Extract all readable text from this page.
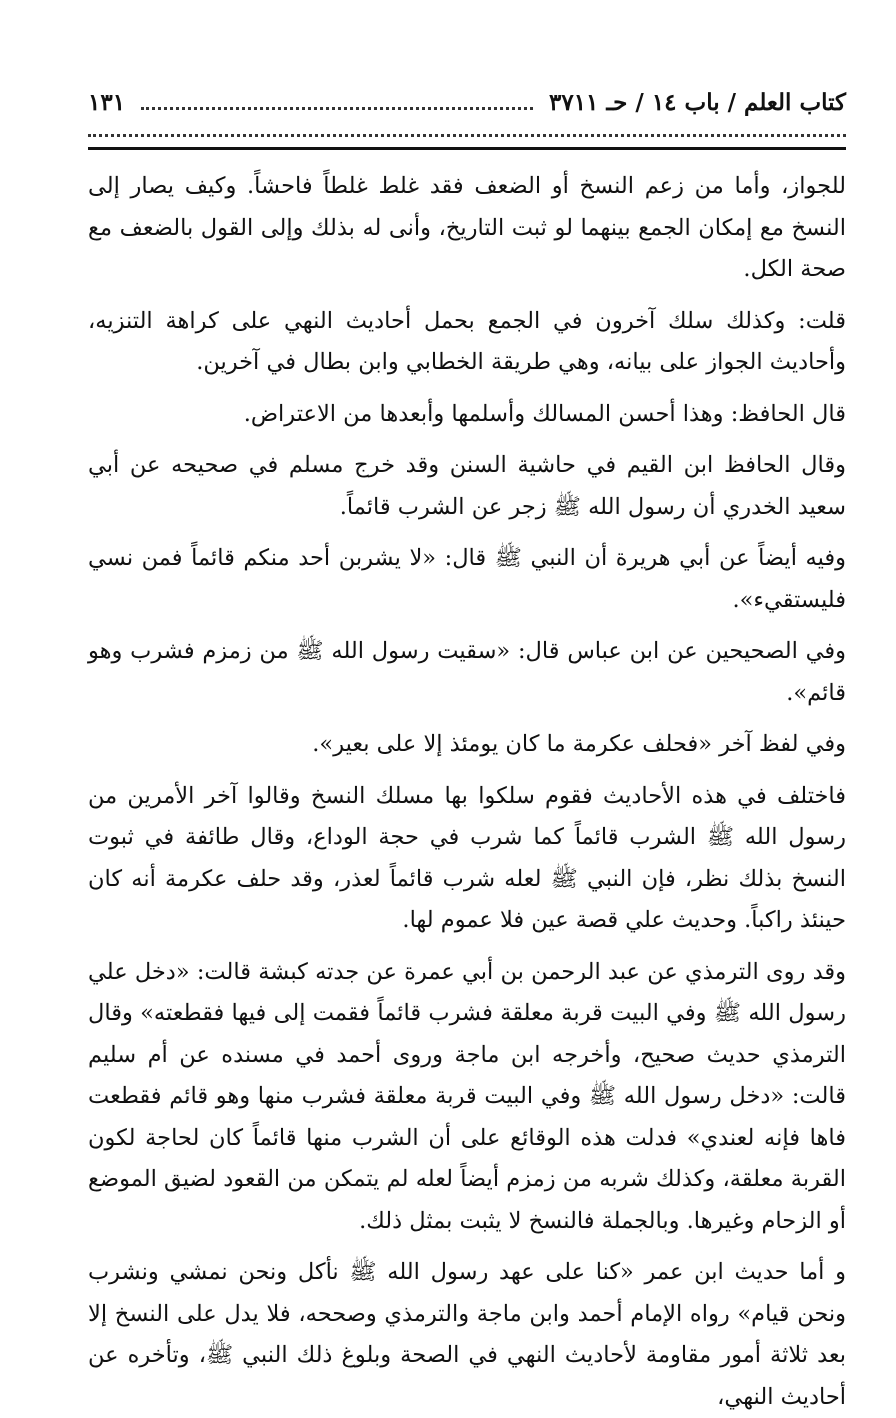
كتاب العلم / باب ١٤ / حـ ٣٧١١
١٣١

للجواز، وأما من زعم النسخ أو الضعف فقد غلط غلطاً فاحشاً. وكيف يصار إلى النسخ مع إمكان الجمع بينهما لو ثبت التاريخ، وأنى له بذلك وإلى القول بالضعف مع صحة الكل.

قلت: وكذلك سلك آخرون في الجمع بحمل أحاديث النهي على كراهة التنزيه، وأحاديث الجواز على بيانه، وهي طريقة الخطابي وابن بطال في آخرين.

قال الحافظ: وهذا أحسن المسالك وأسلمها وأبعدها من الاعتراض.

وقال الحافظ ابن القيم في حاشية السنن وقد خرج مسلم في صحيحه عن أبي سعيد الخدري أن رسول الله ﷺ زجر عن الشرب قائماً.

وفيه أيضاً عن أبي هريرة أن النبي ﷺ قال: «لا يشربن أحد منكم قائماً فمن نسي فليستقيء».

وفي الصحيحين عن ابن عباس قال: «سقيت رسول الله ﷺ من زمزم فشرب وهو قائم».

وفي لفظ آخر «فحلف عكرمة ما كان يومئذ إلا على بعير».

فاختلف في هذه الأحاديث فقوم سلكوا بها مسلك النسخ وقالوا آخر الأمرين من رسول الله ﷺ الشرب قائماً كما شرب في حجة الوداع، وقال طائفة في ثبوت النسخ بذلك نظر، فإن النبي ﷺ لعله شرب قائماً لعذر، وقد حلف عكرمة أنه كان حينئذ راكباً. وحديث علي قصة عين فلا عموم لها.

وقد روى الترمذي عن عبد الرحمن بن أبي عمرة عن جدته كبشة قالت: «دخل علي رسول الله ﷺ وفي البيت قربة معلقة فشرب قائماً فقمت إلى فيها فقطعته» وقال الترمذي حديث صحيح، وأخرجه ابن ماجة وروى أحمد في مسنده عن أم سليم قالت: «دخل رسول الله ﷺ وفي البيت قربة معلقة فشرب منها وهو قائم فقطعت فاها فإنه لعندي» فدلت هذه الوقائع على أن الشرب منها قائماً كان لحاجة لكون القربة معلقة، وكذلك شربه من زمزم أيضاً لعله لم يتمكن من القعود لضيق الموضع أو الزحام وغيرها. وبالجملة فالنسخ لا يثبت بمثل ذلك.

و أما حديث ابن عمر «كنا على عهد رسول الله ﷺ نأكل ونحن نمشي ونشرب ونحن قيام» رواه الإمام أحمد وابن ماجة والترمذي وصححه، فلا يدل على النسخ إلا بعد ثلاثة أمور مقاومة لأحاديث النهي في الصحة وبلوغ ذلك النبي ﷺ، وتأخره عن أحاديث النهي،
